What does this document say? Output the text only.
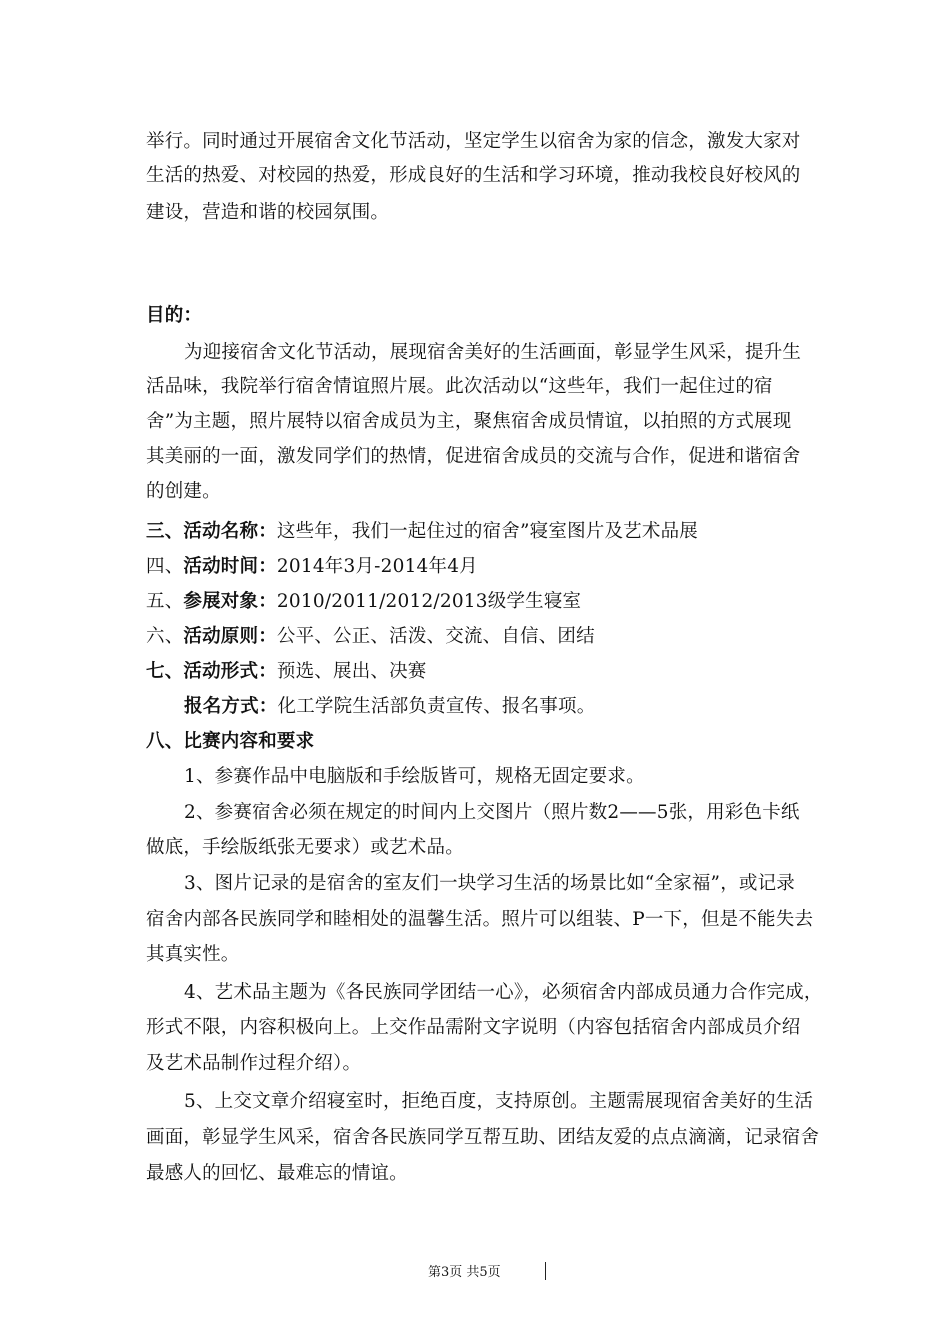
举行。同时通过开展宿舍文化节活动，坚定学生以宿舍为家的信念，激发大家对
生活的热爱、对校园的热爱，形成良好的生活和学习环境，推动我校良好校风的
建设，营造和谐的校园氛围。
目的：
为迎接宿舍文化节活动，展现宿舍美好的生活画面，彰显学生风采，提升生
活品味，我院举行宿舍情谊照片展。此次活动以“这些年，我们一起住过的宿
舍”为主题，照片展特以宿舍成员为主，聚焦宿舍成员情谊，以拍照的方式展现
其美丽的一面，激发同学们的热情，促进宿舍成员的交流与合作，促进和谐宿舍
的创建。
三、活动名称：这些年，我们一起住过的宿舍”寝室图片及艺术品展
四、活动时间：2014年3月-2014年4月
五、参展对象：2010/2011/2012/2013级学生寝室
六、活动原则：公平、公正、活泼、交流、自信、团结
七、活动形式：预选、展出、决赛
报名方式：化工学院生活部负责宣传、报名事项。
八、比赛内容和要求
1、参赛作品中电脑版和手绘版皆可，规格无固定要求。
2、参赛宿舍必须在规定的时间内上交图片（照片数2——5张，用彩色卡纸
做底，手绘版纸张无要求）或艺术品。
3、图片记录的是宿舍的室友们一块学习生活的场景比如“全家福”，或记录
宿舍内部各民族同学和睦相处的温馨生活。照片可以组装、P一下，但是不能失去
其真实性。
4、艺术品主题为《各民族同学团结一心》，必须宿舍内部成员通力合作完成，
形式不限，内容积极向上。上交作品需附文字说明（内容包括宿舍内部成员介绍
及艺术品制作过程介绍）。
5、上交文章介绍寝室时，拒绝百度，支持原创。主题需展现宿舍美好的生活
画面，彰显学生风采，宿舍各民族同学互帮互助、团结友爱的点点滴滴，记录宿舍
最感人的回忆、最难忘的情谊。
第3页 共5页
